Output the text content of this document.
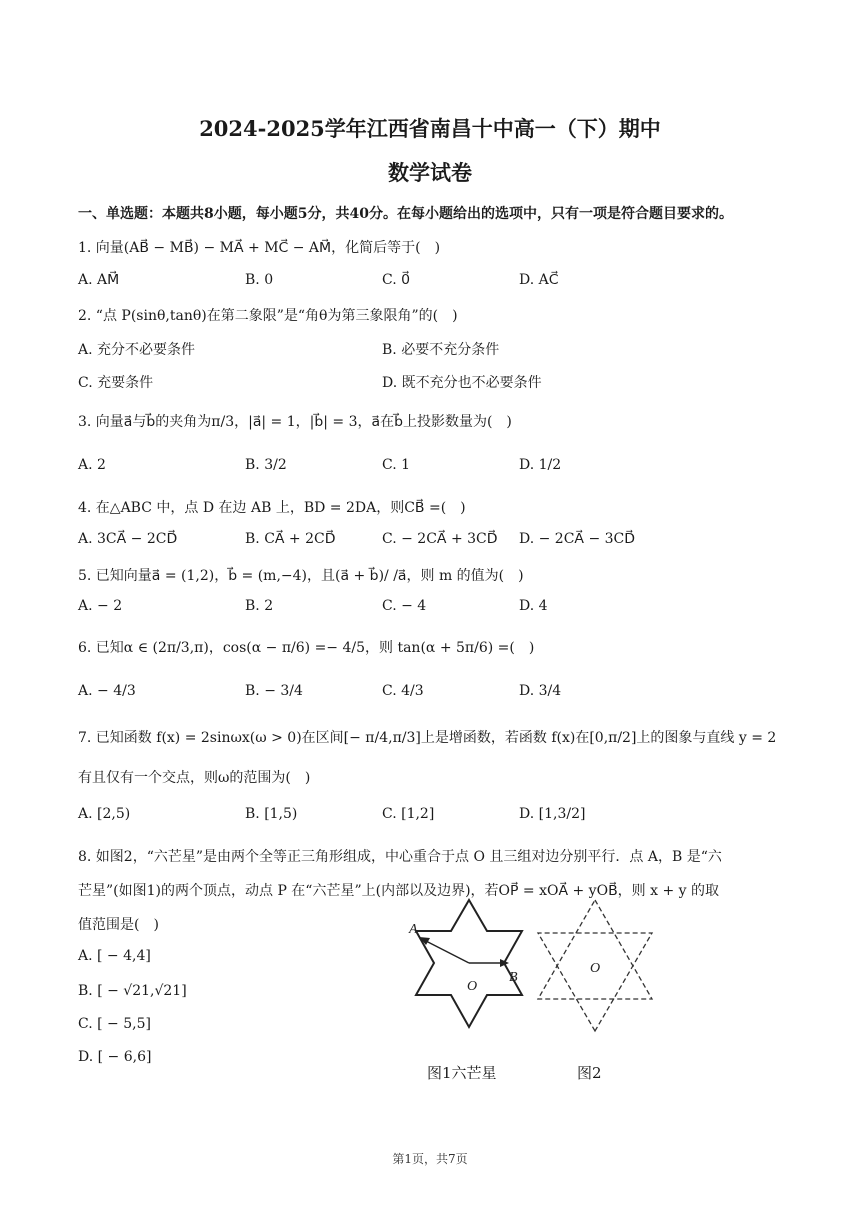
2024-2025学年江西省南昌十中高一（下）期中
数学试卷
一、单选题：本题共8小题，每小题5分，共40分。在每小题给出的选项中，只有一项是符合题目要求的。
1. 向量(AB⃗ − MB⃗) − MA⃗ + MC⃗ − AM⃗，化简后等于(　)
A. AM⃗	B. 0	C. 0⃗	D. AC⃗
2. “点 P(sinθ,tanθ)在第二象限”是“角θ为第三象限角”的(　)
A. 充分不必要条件	B. 必要不充分条件
C. 充要条件	D. 既不充分也不必要条件
3. 向量a⃗与b⃗的夹角为π/3，|a⃗| = 1，|b⃗| = 3，a⃗在b⃗上投影数量为(　)
A. 2	B. 3/2	C. 1	D. 1/2
4. 在△ABC 中，点 D 在边 AB 上，BD = 2DA，则CB⃗ =(　)
A. 3CA⃗ − 2CD⃗	B. CA⃗ + 2CD⃗	C. − 2CA⃗ + 3CD⃗ D. − 2CA⃗ − 3CD⃗
5. 已知向量a⃗ = (1,2)，b⃗ = (m,−4)，且(a⃗ + b⃗)/ /a⃗，则 m 的值为(　)
A. − 2	B. 2	C. − 4	D. 4
6. 已知α ∈ (2π/3,π)，cos(α − π/6) =− 4/5，则 tan(α + 5π/6) =(　)
A. − 4/3	B. − 3/4	C. 4/3	D. 3/4
7. 已知函数 f(x) = 2sinωx(ω > 0)在区间[− π/4,π/3]上是增函数，若函数 f(x)在[0,π/2]上的图象与直线 y = 2
有且仅有一个交点，则ω的范围为(　)
A. [2,5)	B. [1,5)	C. [1,2]	D. [1,3/2]
8. 如图2，“六芒星”是由两个全等正三角形组成，中心重合于点 O 且三组对边分别平行．点 A，B 是“六
芒星”(如图1)的两个顶点，动点 P 在“六芒星”上(内部以及边界)，若OP⃗ = xOA⃗ + yOB⃗，则 x + y 的取
值范围是(　)
A. [ − 4,4]
B. [ − √21,√21]
C. [ − 5,5]
D. [ − 6,6]
A
B
O
O
图1六芒星	图2
第1页，共7页
